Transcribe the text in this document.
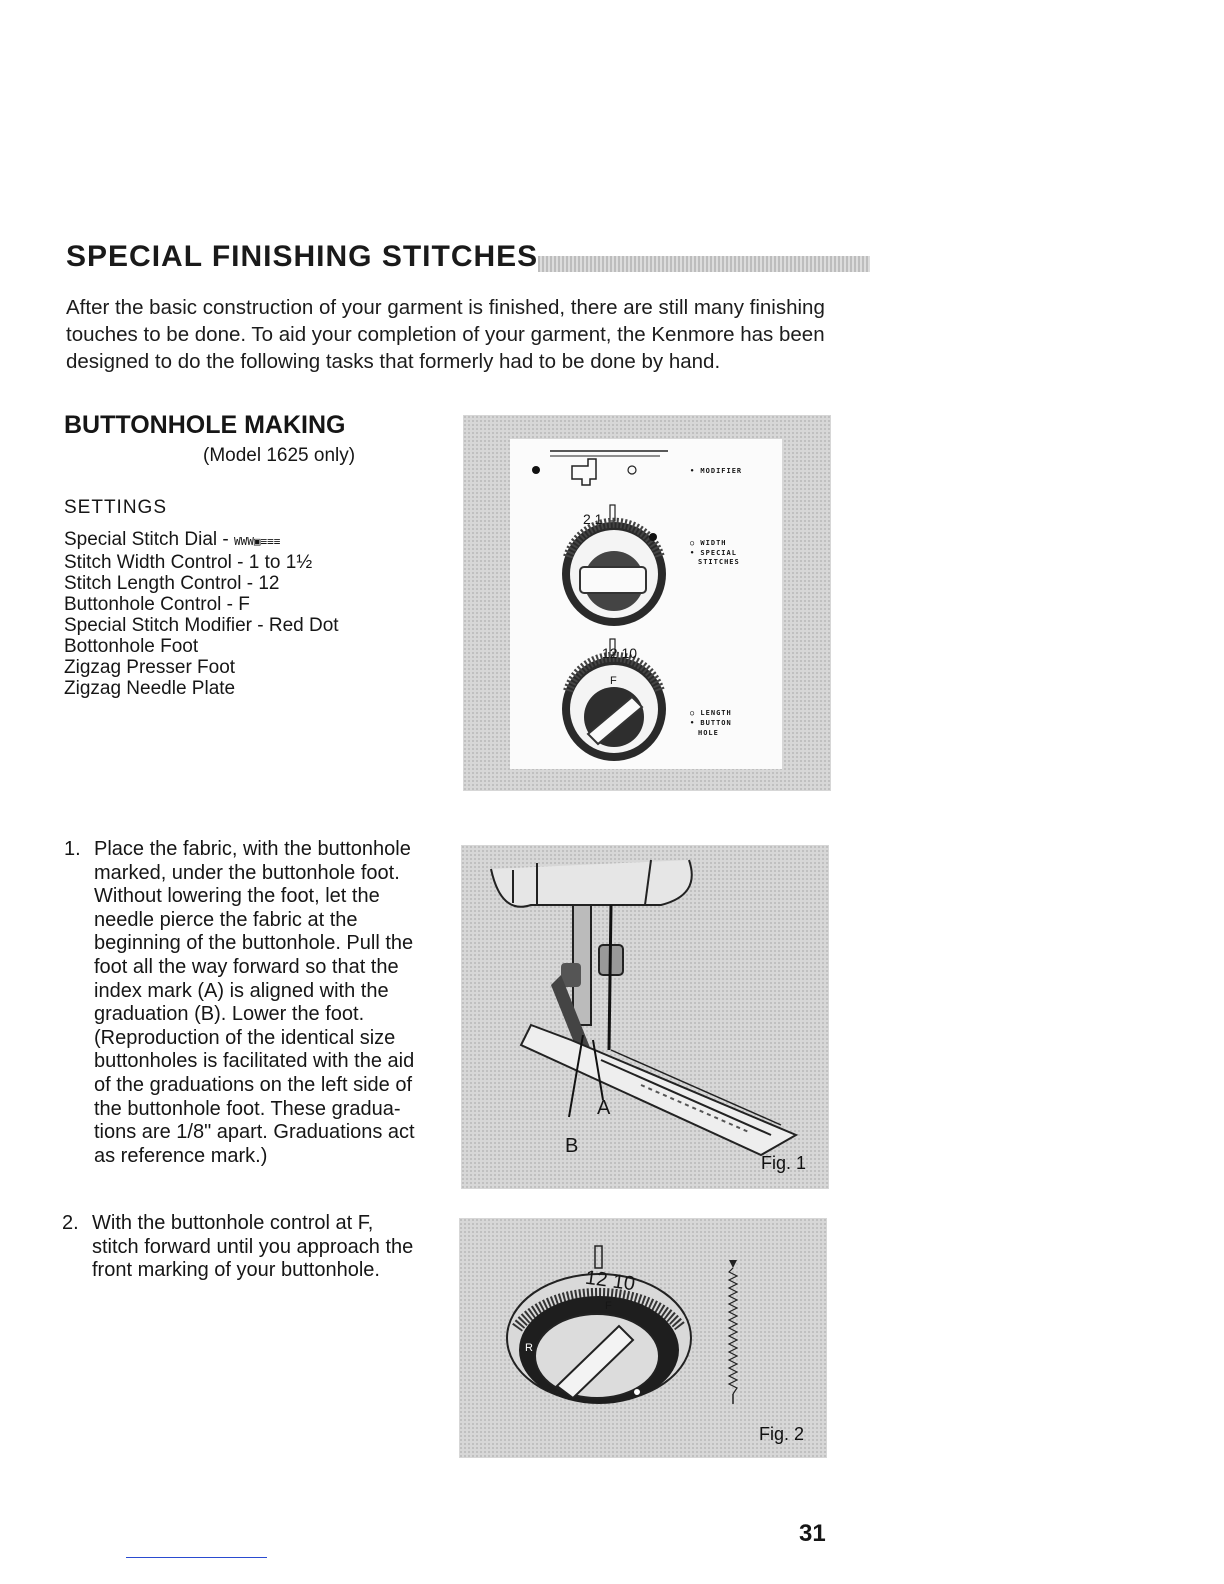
SPECIAL FINISHING STITCHES
After the basic construction of your garment is finished, there are still many finishing
touches to be done. To aid your completion of your garment, the Kenmore has been
designed to do the following tasks that formerly had to be done by hand.
BUTTONHOLE MAKING
(Model 1625 only)
SETTINGS
Special Stitch Dial - WWW▣≡≡≡
Stitch Width Control - 1 to 1½
Stitch Length Control - 12
Buttonhole Control - F
Special Stitch Modifier - Red Dot
Bottonhole Foot
Zigzag Presser Foot
Zigzag Needle Plate
2 1
12 10
F
• MODIFIER
○ WIDTH
• SPECIAL
STITCHES
○ LENGTH
• BUTTON
HOLE
1. Place the fabric, with the buttonhole
marked, under the buttonhole foot.
Without lowering the foot, let the
needle pierce the fabric at the
beginning of the buttonhole. Pull the
foot all the way forward so that the
index mark (A) is aligned with the
graduation (B). Lower the foot.
(Reproduction of the identical size
buttonholes is facilitated with the aid
of the graduations on the left side of
the buttonhole foot. These gradua-
tions are 1/8" apart. Graduations act
as reference mark.)
A
B
Fig. 1
2. With the buttonhole control at F,
stitch forward until you approach the
front marking of your buttonhole.	12 10
R
F
Fig. 2
31
